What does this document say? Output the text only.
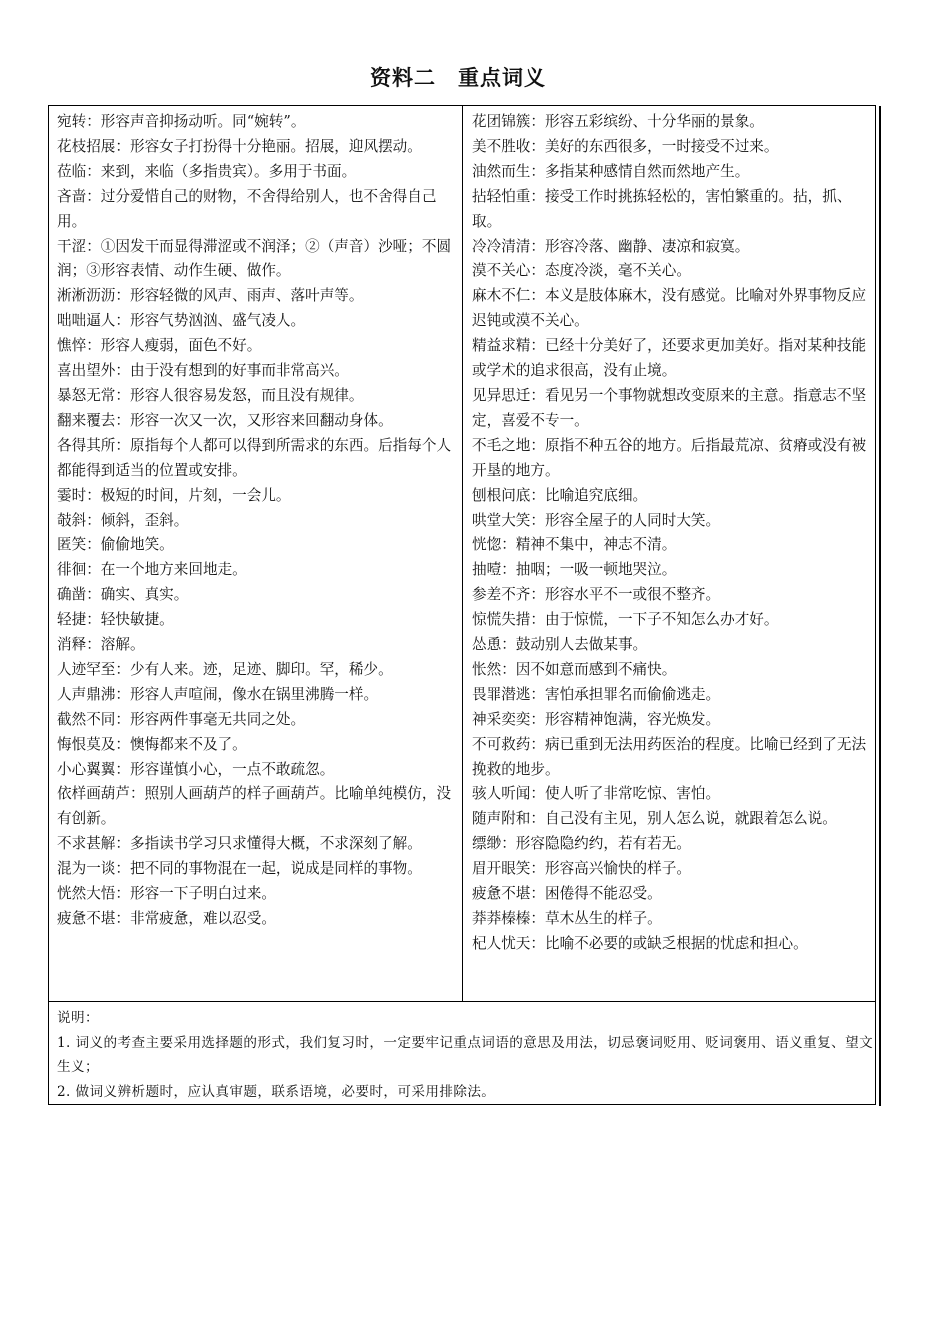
资料二　重点词义

宛转：形容声音抑扬动听。同“婉转”。

花枝招展：形容女子打扮得十分艳丽。招展，迎风摆动。

莅临：来到，来临（多指贵宾）。多用于书面。

吝啬：过分爱惜自己的财物，不舍得给别人，也不舍得自己用。

干涩：①因发干而显得滞涩或不润泽；②（声音）沙哑；不圆润；③形容表情、动作生硬、做作。

淅淅沥沥：形容轻微的风声、雨声、落叶声等。

咄咄逼人：形容气势汹汹、盛气凌人。

憔悴：形容人瘦弱，面色不好。

喜出望外：由于没有想到的好事而非常高兴。

暴怒无常：形容人很容易发怒，而且没有规律。

翻来覆去：形容一次又一次，又形容来回翻动身体。

各得其所：原指每个人都可以得到所需求的东西。后指每个人都能得到适当的位置或安排。

霎时：极短的时间，片刻，一会儿。

攲斜：倾斜，歪斜。

匿笑：偷偷地笑。

徘徊：在一个地方来回地走。

确凿：确实、真实。

轻捷：轻快敏捷。

消释：溶解。

人迹罕至：少有人来。迹，足迹、脚印。罕，稀少。

人声鼎沸：形容人声喧闹，像水在锅里沸腾一样。

截然不同：形容两件事毫无共同之处。

悔恨莫及：懊悔都来不及了。

小心翼翼：形容谨慎小心，一点不敢疏忽。

依样画葫芦：照别人画葫芦的样子画葫芦。比喻单纯模仿，没有创新。

不求甚解：多指读书学习只求懂得大概，不求深刻了解。

混为一谈：把不同的事物混在一起，说成是同样的事物。

恍然大悟：形容一下子明白过来。

疲惫不堪：非常疲惫，难以忍受。

花团锦簇：形容五彩缤纷、十分华丽的景象。

美不胜收：美好的东西很多，一时接受不过来。

油然而生：多指某种感情自然而然地产生。

拈轻怕重：接受工作时挑拣轻松的，害怕繁重的。拈，抓、取。

冷冷清清：形容冷落、幽静、凄凉和寂寞。

漠不关心：态度冷淡，毫不关心。

麻木不仁：本义是肢体麻木，没有感觉。比喻对外界事物反应迟钝或漠不关心。

精益求精：已经十分美好了，还要求更加美好。指对某种技能或学术的追求很高，没有止境。

见异思迁：看见另一个事物就想改变原来的主意。指意志不坚定，喜爱不专一。

不毛之地：原指不种五谷的地方。后指最荒凉、贫瘠或没有被开垦的地方。

刨根问底：比喻追究底细。

哄堂大笑：形容全屋子的人同时大笑。

恍惚：精神不集中，神志不清。

抽噎：抽咽；一吸一顿地哭泣。

参差不齐：形容水平不一或很不整齐。

惊慌失措：由于惊慌，一下子不知怎么办才好。

怂恿：鼓动别人去做某事。

怅然：因不如意而感到不痛快。

畏罪潜逃：害怕承担罪名而偷偷逃走。

神采奕奕：形容精神饱满，容光焕发。

不可救药：病已重到无法用药医治的程度。比喻已经到了无法挽救的地步。

骇人听闻：使人听了非常吃惊、害怕。

随声附和：自己没有主见，别人怎么说，就跟着怎么说。

缥缈：形容隐隐约约，若有若无。

眉开眼笑：形容高兴愉快的样子。

疲惫不堪：困倦得不能忍受。

莽莽榛榛：草木丛生的样子。

杞人忧天：比喻不必要的或缺乏根据的忧虑和担心。

说明：

1. 词义的考查主要采用选择题的形式，我们复习时，一定要牢记重点词语的意思及用法，切忌褒词贬用、贬词褒用、语义重复、望文生义；

2. 做词义辨析题时，应认真审题，联系语境，必要时，可采用排除法。
